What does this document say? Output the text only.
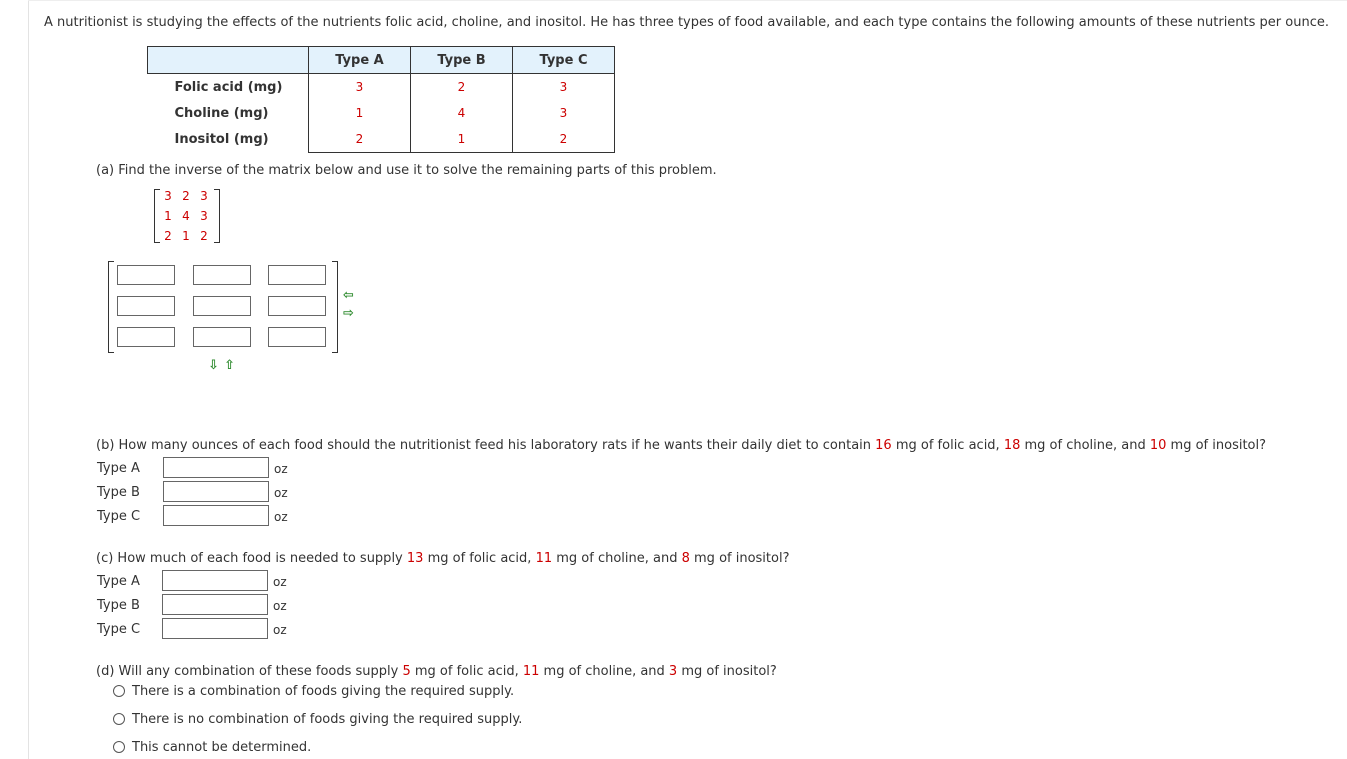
A nutritionist is studying the effects of the nutrients folic acid, choline, and inositol. He has three types of food available, and each type contains the following amounts of these nutrients per ounce.
	Type A	Type B	Type C
Folic acid (mg)	3	2	3
Choline (mg)	1	4	3
Inositol (mg)	2	1	2
(a) Find the inverse of the matrix below and use it to solve the remaining parts of this problem.
3 2 3
1 4 3
2 1 2
⇦
⇨
⇩ ⇧
(b) How many ounces of each food should the nutritionist feed his laboratory rats if he wants their daily diet to contain 16 mg of folic acid, 18 mg of choline, and 10 mg of inositol?
Type A	oz
Type B	oz
Type C	oz
(c) How much of each food is needed to supply 13 mg of folic acid, 11 mg of choline, and 8 mg of inositol?
Type A	oz
Type B	oz
Type C	oz
(d) Will any combination of these foods supply 5 mg of folic acid, 11 mg of choline, and 3 mg of inositol?
There is a combination of foods giving the required supply.
There is no combination of foods giving the required supply.
This cannot be determined.
